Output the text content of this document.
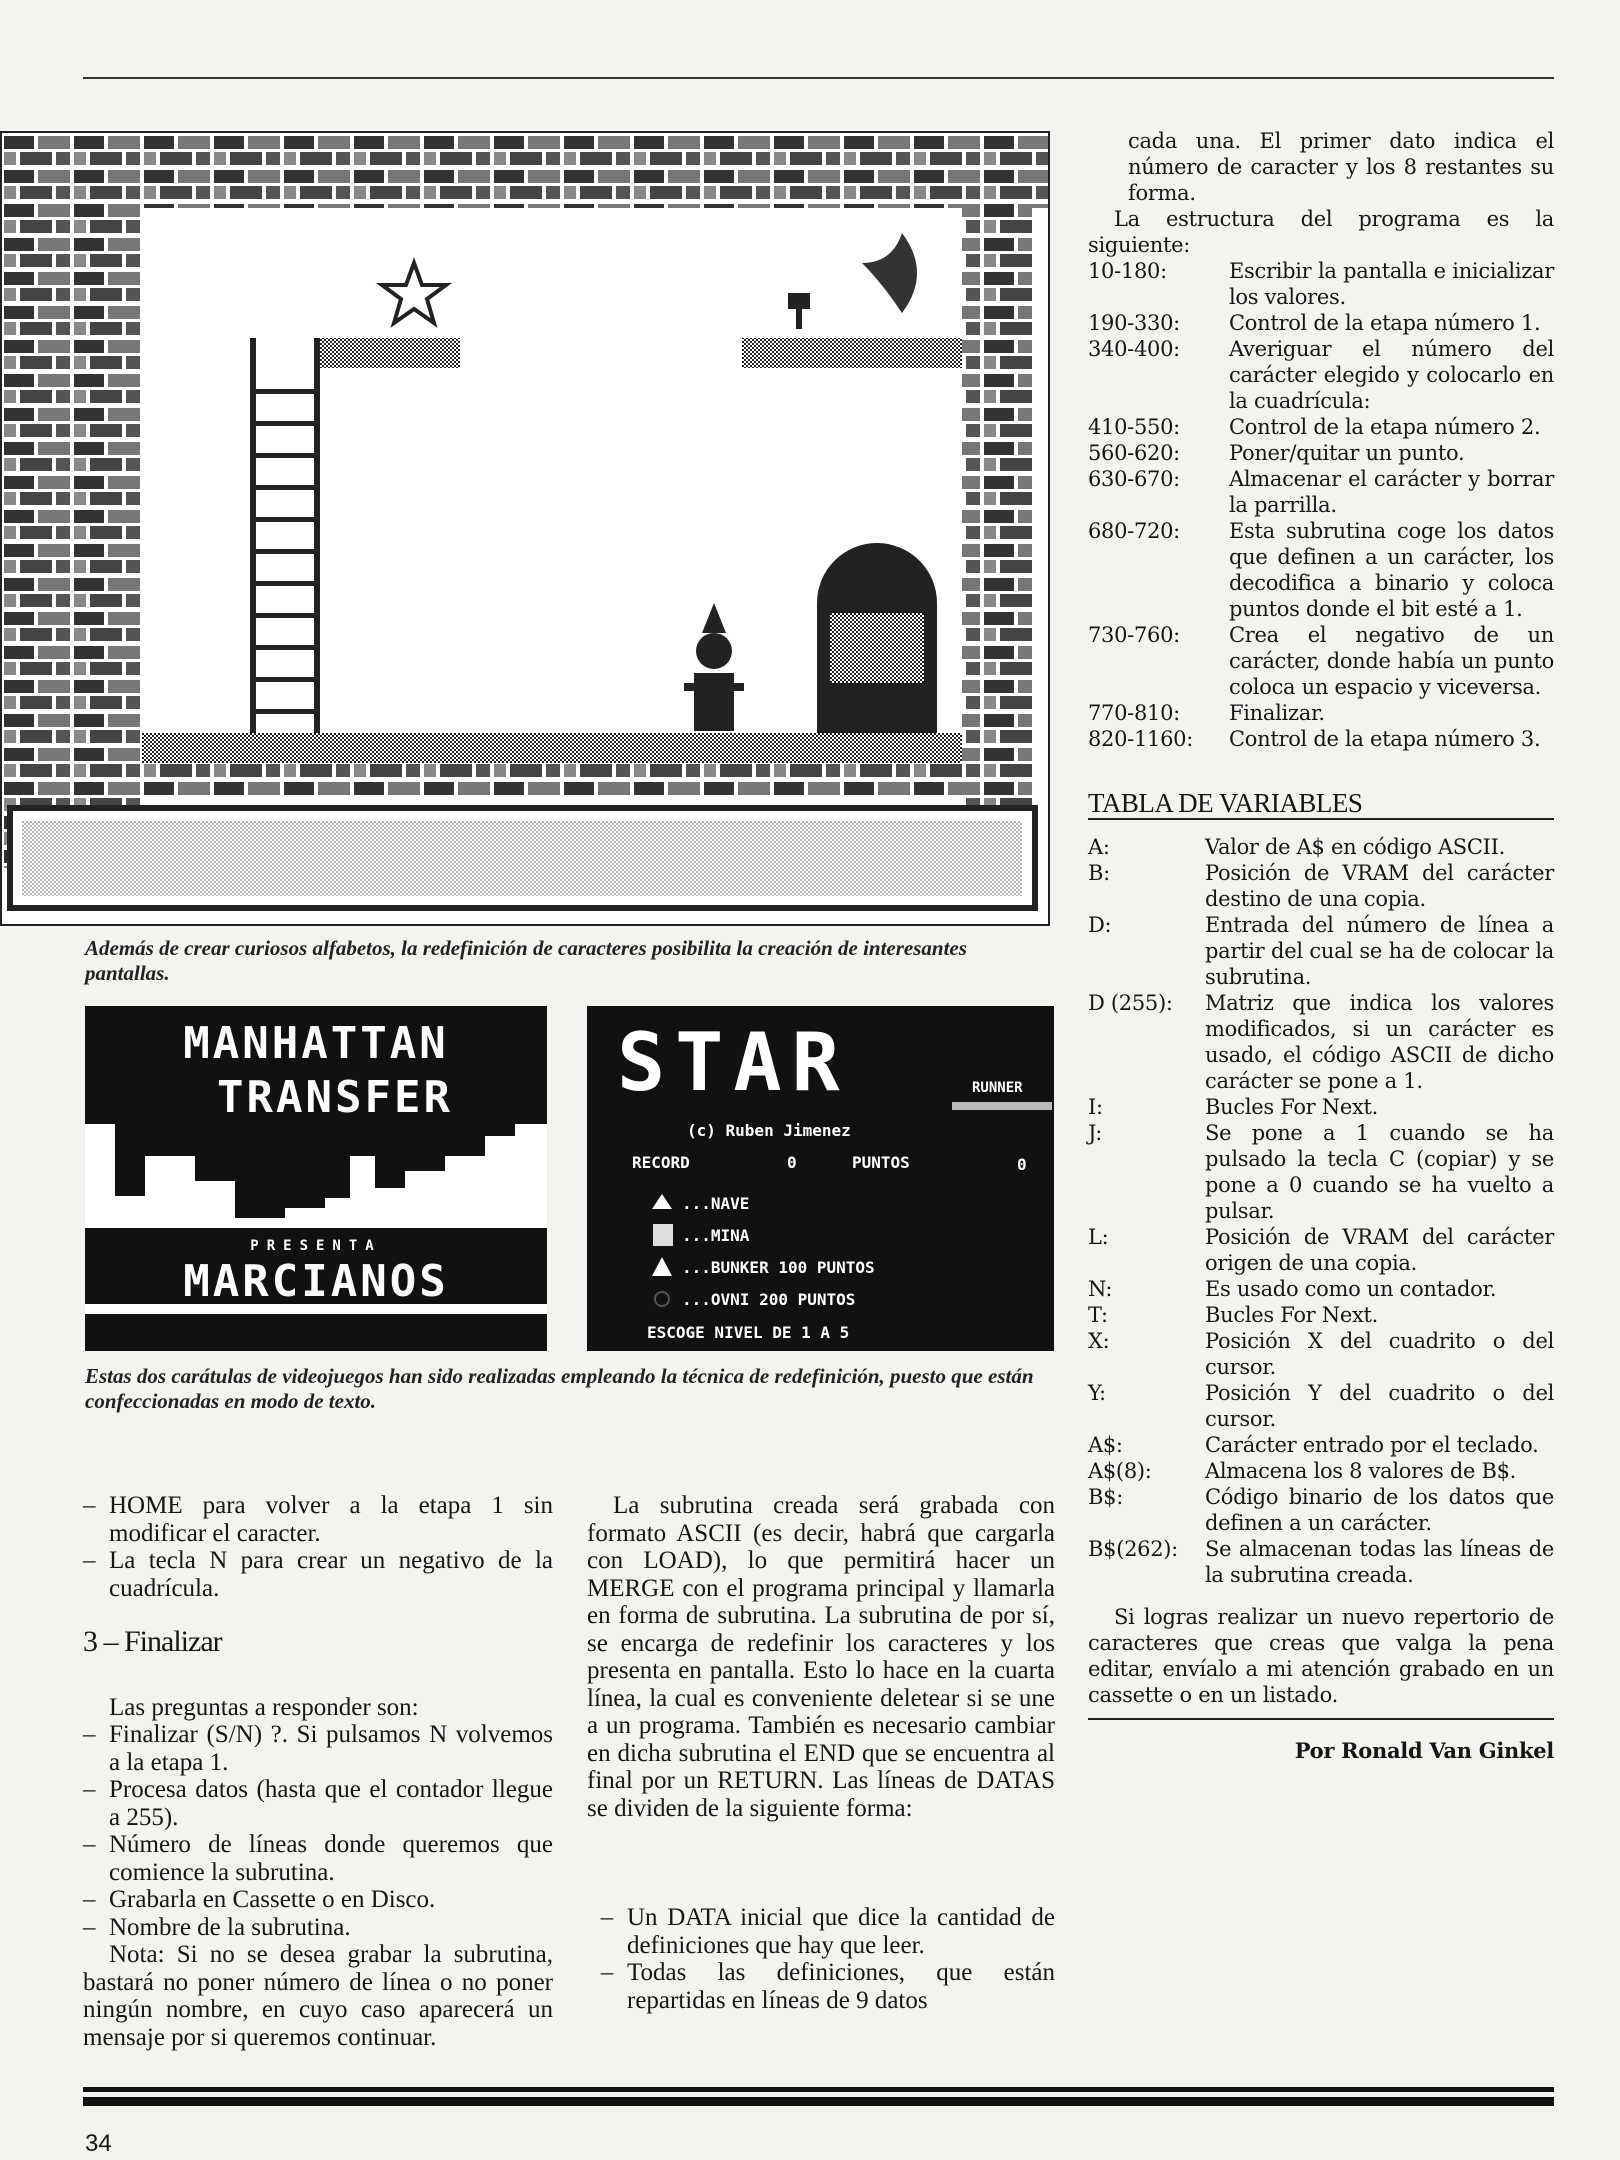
Además de crear curiosos alfabetos, la redefinición de caracteres posibilita la creación de interesantes pantallas.
MANHATTAN
TRANSFER
PRESENTA
MARCIANOS
STAR	RUNNER
(c) Ruben Jimenez
RECORD	0	PUNTOS	0
...NAVE
...MINA
...BUNKER 100 PUNTOS
...OVNI 200 PUNTOS
ESCOGE NIVEL DE 1 A 5
Estas dos carátulas de videojuegos han sido realizadas empleando la técnica de redefinición, puesto que están confeccionadas en modo de texto.
– HOME para volver a la etapa 1 sin modificar el caracter.
– La tecla N para crear un negativo de la cuadrícula.
3 – Finalizar
Las preguntas a responder son:
– Finalizar (S/N) ?. Si pulsamos N volvemos a la etapa 1.
– Procesa datos (hasta que el contador llegue a 255).
– Número de líneas donde queremos que comience la subrutina.
– Grabarla en Cassette o en Disco.
– Nombre de la subrutina.
Nota: Si no se desea grabar la subrutina, bastará no poner número de línea o no poner ningún nombre, en cuyo caso aparecerá un mensaje por si queremos continuar.
La subrutina creada será grabada con formato ASCII (es decir, habrá que cargarla con LOAD), lo que permitirá hacer un MERGE con el programa principal y llamarla en forma de subrutina. La subrutina de por sí, se encarga de redefinir los caracteres y los presenta en pantalla. Esto lo hace en la cuarta línea, la cual es conveniente deletear si se une a un programa. También es necesario cambiar en dicha subrutina el END que se encuentra al final por un RETURN. Las líneas de DATAS se dividen de la siguiente forma:
– Un DATA inicial que dice la cantidad de definiciones que hay que leer.
– Todas las definiciones, que están repartidas en líneas de 9 datos
cada una. El primer dato indica el número de caracter y los 8 restantes su forma.
La estructura del programa es la siguiente:
10-180:	Escribir la pantalla e inicializar los valores.
190-330:	Control de la etapa número 1.
340-400:	Averiguar el número del carácter elegido y colocarlo en la cuadrícula:
410-550:	Control de la etapa número 2.
560-620:	Poner/quitar un punto.
630-670:	Almacenar el carácter y borrar la parrilla.
680-720:	Esta subrutina coge los datos que definen a un carácter, los decodifica a binario y coloca puntos donde el bit esté a 1.
730-760:	Crea el negativo de un carácter, donde había un punto coloca un espacio y viceversa.
770-810:	Finalizar.
820-1160:	Control de la etapa número 3.
TABLA DE VARIABLES
A:	Valor de A$ en código ASCII.
B:	Posición de VRAM del carácter destino de una copia.
D:	Entrada del número de línea a partir del cual se ha de colocar la subrutina.
D (255):	Matriz que indica los valores modificados, si un carácter es usado, el código ASCII de dicho carácter se pone a 1.
I:	Bucles For Next.
J:	Se pone a 1 cuando se ha pulsado la tecla C (copiar) y se pone a 0 cuando se ha vuelto a pulsar.
L:	Posición de VRAM del carácter origen de una copia.
N:	Es usado como un contador.
T:	Bucles For Next.
X:	Posición X del cuadrito o del cursor.
Y:	Posición Y del cuadrito o del cursor.
A$:	Carácter entrado por el teclado.
A$(8):	Almacena los 8 valores de B$.
B$:	Código binario de los datos que definen a un carácter.
B$(262):	Se almacenan todas las líneas de la subrutina creada.
Si logras realizar un nuevo repertorio de caracteres que creas que valga la pena editar, envíalo a mi atención grabado en un cassette o en un listado.
Por Ronald Van Ginkel
34
